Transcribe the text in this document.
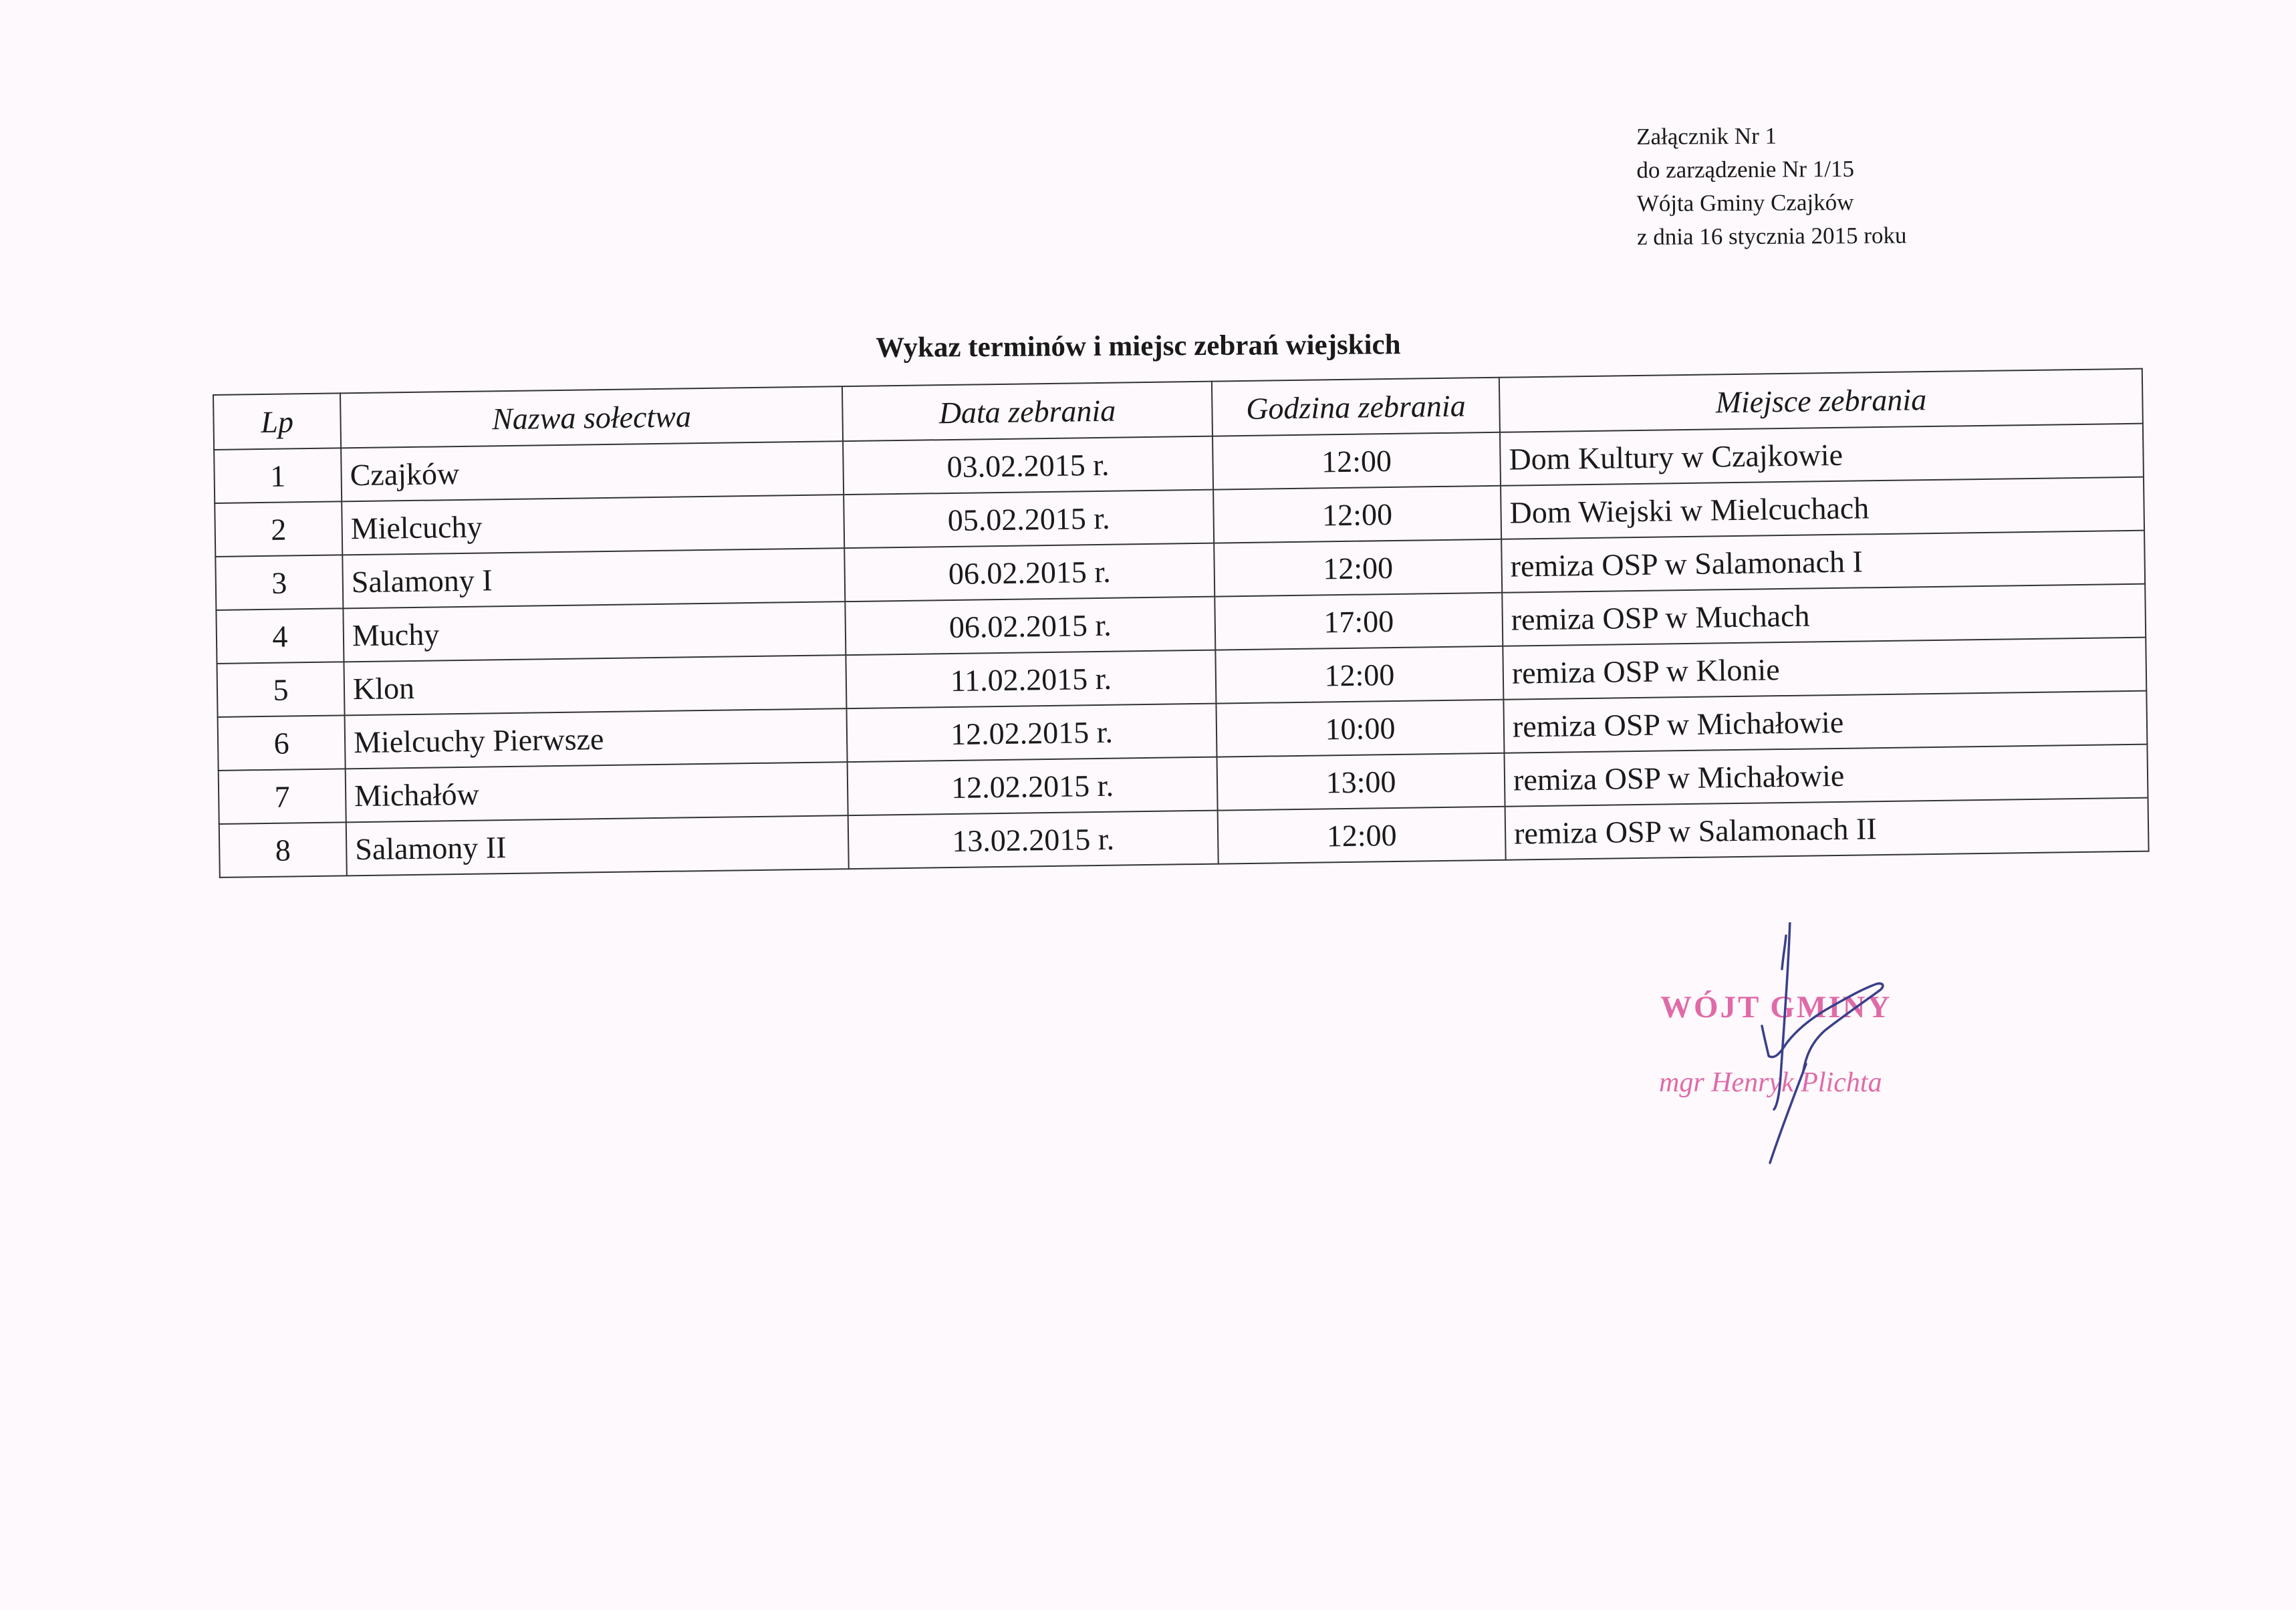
Załącznik Nr 1
do zarządzenie Nr 1/15
Wójta Gminy Czajków
z dnia 16 stycznia 2015 roku
Wykaz terminów i miejsc zebrań wiejskich
Lp	Nazwa sołectwa	Data zebrania	Godzina zebrania	Miejsce zebrania
1	Czajków	03.02.2015 r.	12:00	Dom Kultury w Czajkowie
2	Mielcuchy	05.02.2015 r.	12:00	Dom Wiejski w Mielcuchach
3	Salamony I	06.02.2015 r.	12:00	remiza OSP w Salamonach I
4	Muchy	06.02.2015 r.	17:00	remiza OSP w Muchach
5	Klon	11.02.2015 r.	12:00	remiza OSP w Klonie
6	Mielcuchy Pierwsze	12.02.2015 r.	10:00	remiza OSP w Michałowie
7	Michałów	12.02.2015 r.	13:00	remiza OSP w Michałowie
8	Salamony II	13.02.2015 r.	12:00	remiza OSP w Salamonach II
WÓJT GMINY
mgr Henryk Plichta
